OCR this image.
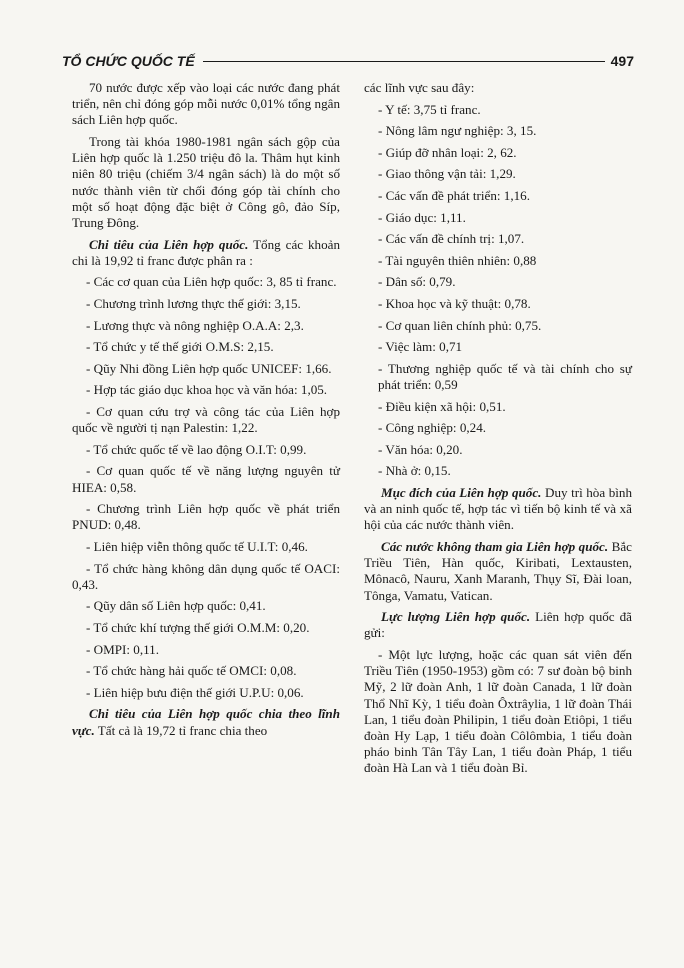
TỔ CHỨC QUỐC TẾ	497

70 nước được xếp vào loại các nước đang phát triển, nên chỉ đóng góp mỗi nước 0,01% tổng ngân sách Liên hợp quốc.

Trong tài khóa 1980-1981 ngân sách gộp của Liên hợp quốc là 1.250 triệu đô la. Thâm hụt kinh niên 80 triệu (chiếm 3/4 ngân sách) là do một số nước thành viên từ chối đóng góp tài chính cho một số hoạt động đặc biệt ở Công gô, đảo Síp, Trung Đông.

Chi tiêu của Liên hợp quốc. Tổng các khoản chi là 19,92 tỉ franc được phân ra :

- Các cơ quan của Liên hợp quốc: 3, 85 tỉ franc.

- Chương trình lương thực thế giới: 3,15.

- Lương thực và nông nghiệp O.A.A: 2,3.

- Tổ chức y tế thế giới O.M.S: 2,15.

- Qũy Nhi đồng Liên hợp quốc UNICEF: 1,66.

- Hợp tác giáo dục khoa học và văn hóa: 1,05.

- Cơ quan cứu trợ và công tác của Liên hợp quốc về người tị nạn Palestin: 1,22.

- Tổ chức quốc tế về lao động O.I.T: 0,99.

- Cơ quan quốc tế về năng lượng nguyên tử HIEA: 0,58.

- Chương trình Liên hợp quốc về phát triển PNUD: 0,48.

- Liên hiệp viễn thông quốc tế U.I.T: 0,46.

- Tổ chức hàng không dân dụng quốc tế OACI: 0,43.

- Qũy dân số Liên hợp quốc: 0,41.

- Tổ chức khí tượng thế giới O.M.M: 0,20.

- OMPI: 0,11.

- Tổ chức hàng hải quốc tế OMCI: 0,08.

- Liên hiệp bưu điện thế giới U.P.U: 0,06.

Chi tiêu của Liên hợp quốc chia theo lĩnh vực. Tất cả là 19,72 tỉ franc chia theo

các lĩnh vực sau đây:

- Y tế: 3,75 tỉ franc.

- Nông lâm ngư nghiệp: 3, 15.

- Giúp đỡ nhân loại: 2, 62.

- Giao thông vận tải: 1,29.

- Các vấn đề phát triển: 1,16.

- Giáo dục: 1,11.

- Các vấn đề chính trị: 1,07.

- Tài nguyên thiên nhiên: 0,88

- Dân số: 0,79.

- Khoa học và kỹ thuật: 0,78.

- Cơ quan liên chính phủ: 0,75.

- Việc làm: 0,71

- Thương nghiệp quốc tế và tài chính cho sự phát triển: 0,59

- Điều kiện xã hội: 0,51.

- Công nghiệp: 0,24.

- Văn hóa: 0,20.

- Nhà ở: 0,15.

Mục đích của Liên hợp quốc. Duy trì hòa bình và an ninh quốc tế, hợp tác vì tiến bộ kinh tế và xã hội của các nước thành viên.

Các nước không tham gia Liên hợp quốc. Bắc Triều Tiên, Hàn quốc, Kiribati, Lextausten, Mônacô, Nauru, Xanh Maranh, Thụy Sĩ, Đài loan, Tônga, Vamatu, Vatican.

Lực lượng Liên hợp quốc. Liên hợp quốc đã gửi:

- Một lực lượng, hoặc các quan sát viên đến Triều Tiên (1950-1953) gồm có: 7 sư đoàn bộ binh Mỹ, 2 lữ đoàn Anh, 1 lữ đoàn Canada, 1 lữ đoàn Thổ Nhĩ Kỳ, 1 tiểu đoàn Ôxtrâylia, 1 lữ đoàn Thái Lan, 1 tiểu đoàn Philipin, 1 tiểu đoàn Etiôpi, 1 tiểu đoàn Hy Lạp, 1 tiểu đoàn Côlômbia, 1 tiểu đoàn pháo binh Tân Tây Lan, 1 tiểu đoàn Pháp, 1 tiểu đoàn Hà Lan và 1 tiểu đoàn Bỉ.
